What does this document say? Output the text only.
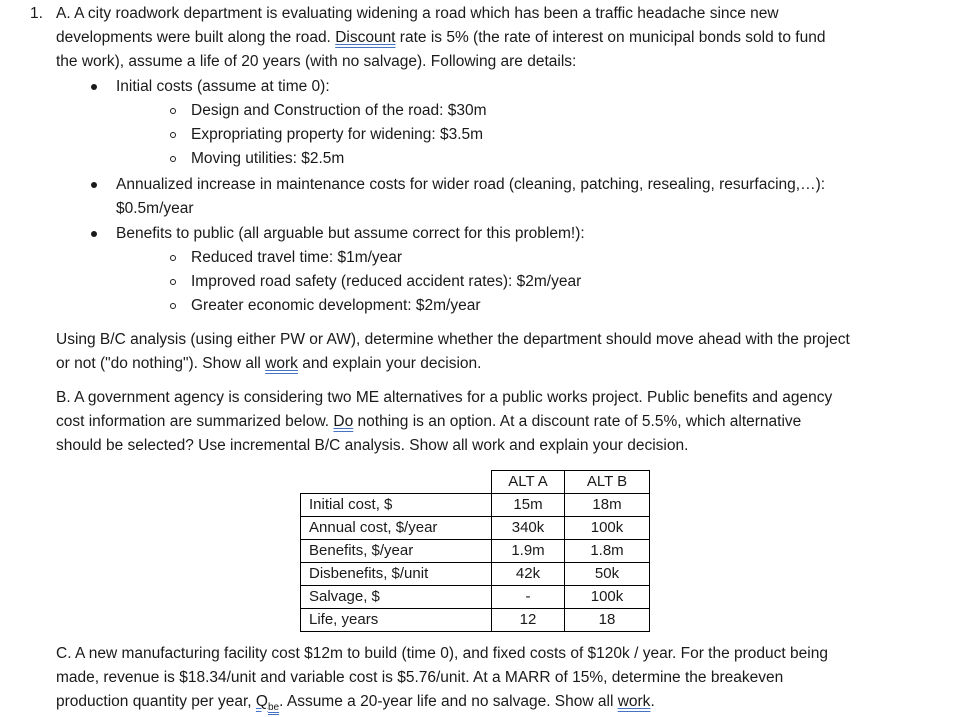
1. A. A city roadwork department is evaluating widening a road which has been a traffic headache since new
developments were built along the road. Discount rate is 5% (the rate of interest on municipal bonds sold to fund
the work), assume a life of 20 years (with no salvage). Following are details:
Initial costs (assume at time 0):
Design and Construction of the road: $30m
Expropriating property for widening: $3.5m
Moving utilities: $2.5m
Annualized increase in maintenance costs for wider road (cleaning, patching, resealing, resurfacing,…):
$0.5m/year
Benefits to public (all arguable but assume correct for this problem!):
Reduced travel time: $1m/year
Improved road safety (reduced accident rates): $2m/year
Greater economic development: $2m/year
Using B/C analysis (using either PW or AW), determine whether the department should move ahead with the project
or not ("do nothing"). Show all work and explain your decision.
B. A government agency is considering two ME alternatives for a public works project. Public benefits and agency
cost information are summarized below. Do nothing is an option. At a discount rate of 5.5%, which alternative
should be selected? Use incremental B/C analysis. Show all work and explain your decision.
	ALT A	ALT B
Initial cost, $	15m	18m
Annual cost, $/year	340k	100k
Benefits, $/year	1.9m	1.8m
Disbenefits, $/unit	42k	50k
Salvage, $	-	100k
Life, years	12	18
C. A new manufacturing facility cost $12m to build (time 0), and fixed costs of $120k / year. For the product being
made, revenue is $18.34/unit and variable cost is $5.76/unit. At a MARR of 15%, determine the breakeven
production quantity per year, $Q_{be}$. Assume a 20-year life and no salvage. Show all work.
